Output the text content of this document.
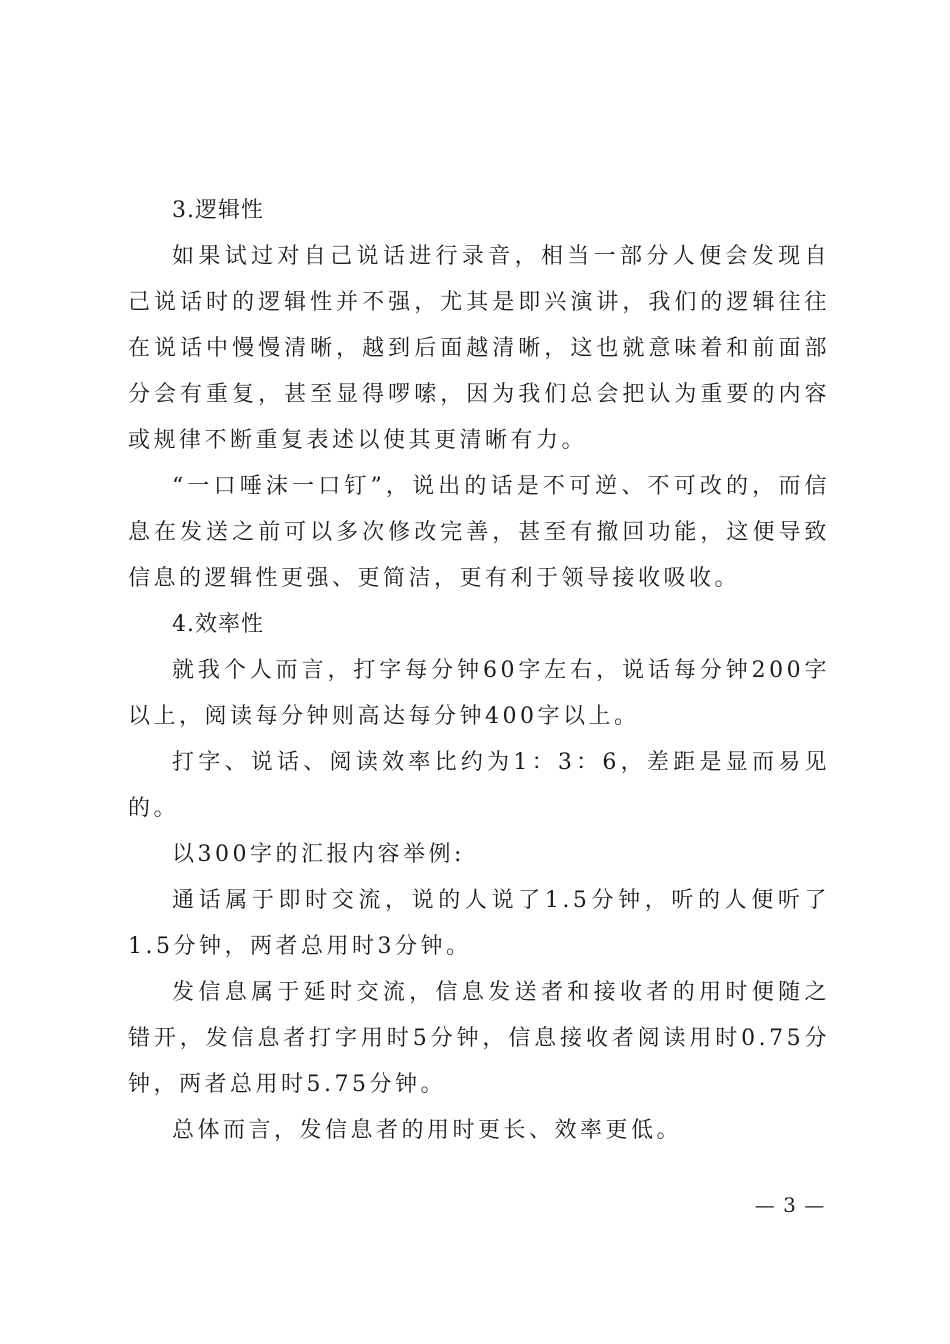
3.逻辑性

如果试过对自己说话进行录音，相当一部分人便会发现自己说话时的逻辑性并不强，尤其是即兴演讲，我们的逻辑往往在说话中慢慢清晰，越到后面越清晰，这也就意味着和前面部分会有重复，甚至显得啰嗦，因为我们总会把认为重要的内容或规律不断重复表述以使其更清晰有力。

“一口唾沫一口钉”，说出的话是不可逆、不可改的，而信息在发送之前可以多次修改完善，甚至有撤回功能，这便导致信息的逻辑性更强、更简洁，更有利于领导接收吸收。

4.效率性

就我个人而言，打字每分钟60字左右，说话每分钟200字以上，阅读每分钟则高达每分钟400字以上。

打字、说话、阅读效率比约为1：3：6，差距是显而易见的。

以300字的汇报内容举例:

通话属于即时交流，说的人说了1.5分钟，听的人便听了1.5分钟，两者总用时3分钟。

发信息属于延时交流，信息发送者和接收者的用时便随之错开，发信息者打字用时5分钟，信息接收者阅读用时0.75分钟，两者总用时5.75分钟。

总体而言，发信息者的用时更长、效率更低。

— 3 —
